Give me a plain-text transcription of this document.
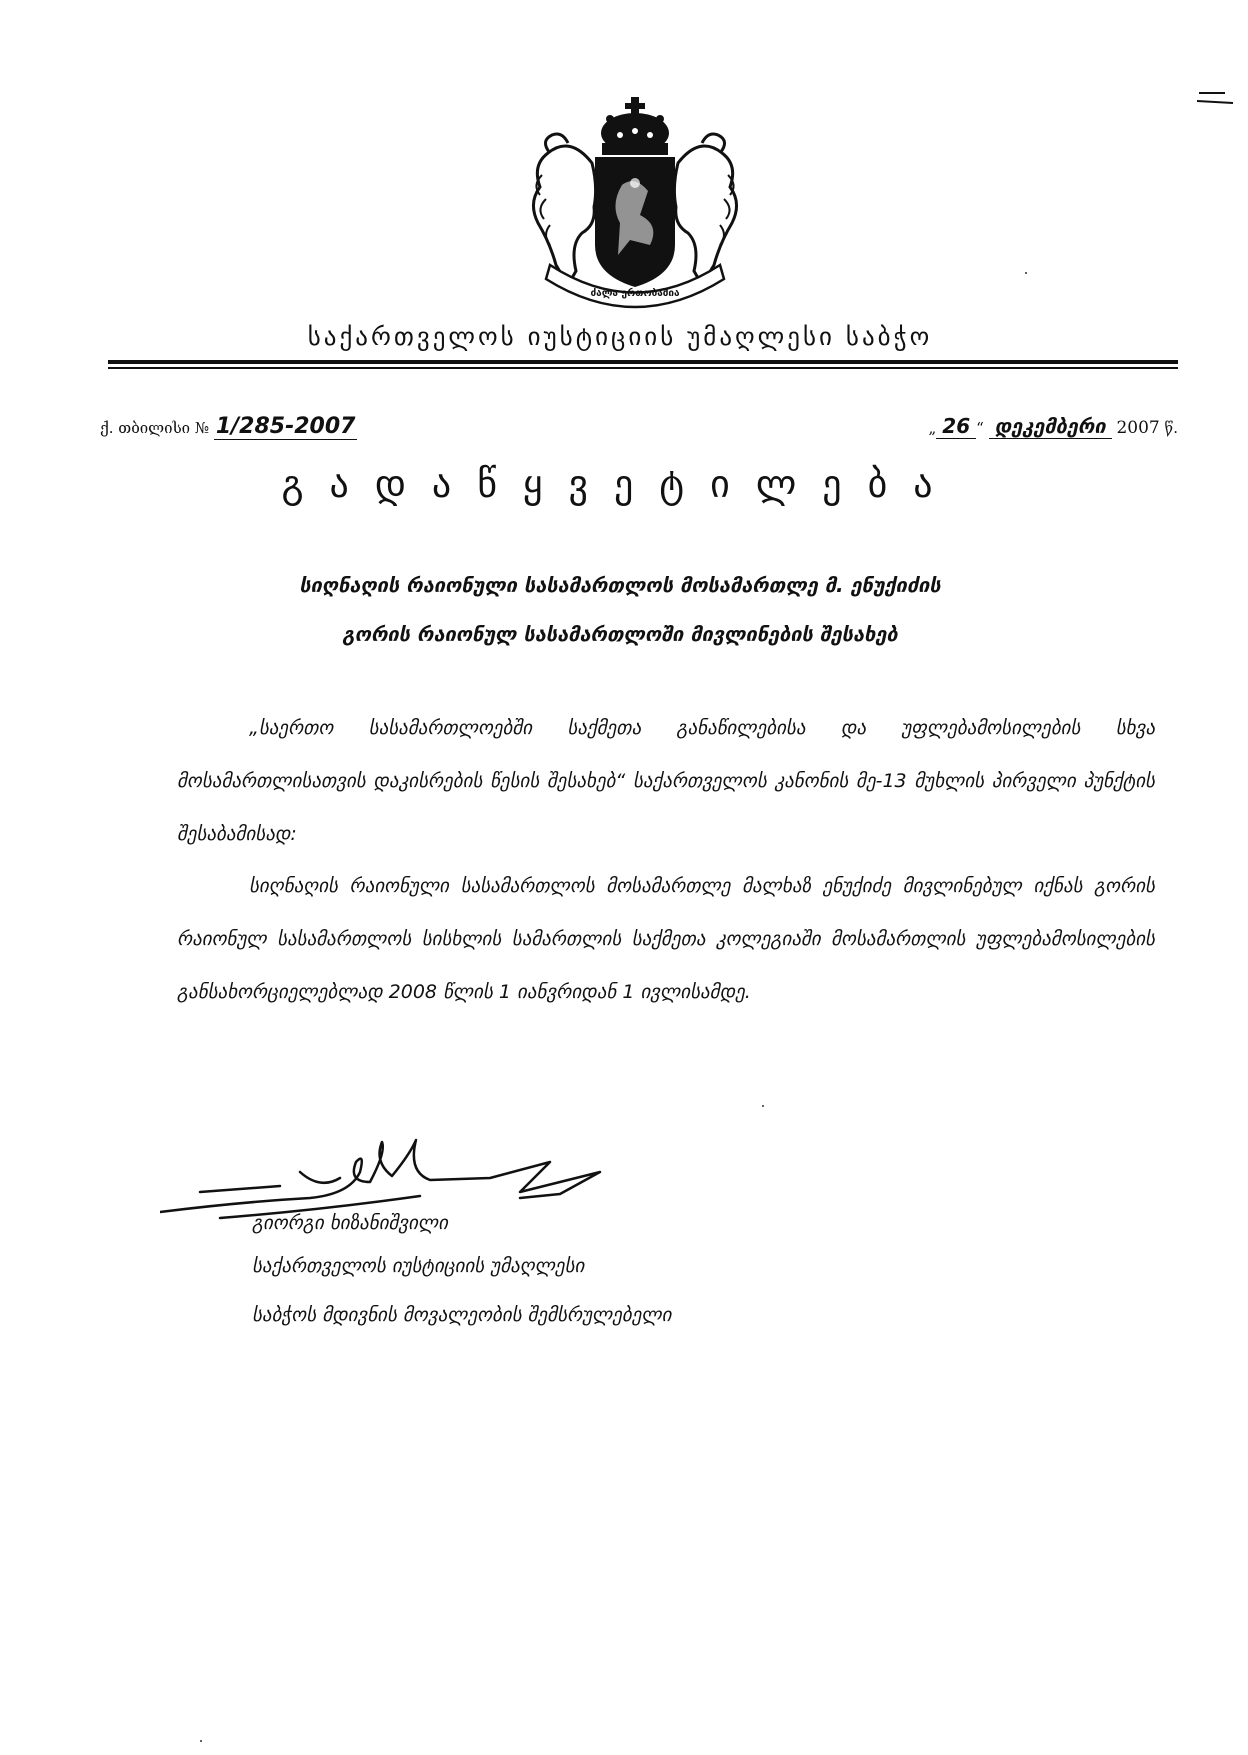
ძალა ერთობაშია
საქართველოს იუსტიციის უმაღლესი საბჭო
ქ. თბილისი № 1/285-2007	„ 26 “ დეკემბერი 2007 წ.
გადაწყვეტილება
სიღნაღის რაიონული სასამართლოს მოსამართლე მ. ენუქიძის
გორის რაიონულ სასამართლოში მივლინების შესახებ
„საერთო სასამართლოებში საქმეთა განაწილებისა და უფლებამოსილების სხვა მოსამართლისათვის დაკისრების წესის შესახებ“ საქართველოს კანონის მე-13 მუხლის პირველი პუნქტის შესაბამისად:
სიღნაღის რაიონული სასამართლოს მოსამართლე მალხაზ ენუქიძე მივლინებულ იქნას გორის რაიონულ სასამართლოს სისხლის სამართლის საქმეთა კოლეგიაში მოსამართლის უფლებამოსილების განსახორციელებლად 2008 წლის 1 იანვრიდან 1 ივლისამდე.
გიორგი ხიზანიშვილი
საქართველოს იუსტიციის უმაღლესი
საბჭოს მდივნის მოვალეობის შემსრულებელი
